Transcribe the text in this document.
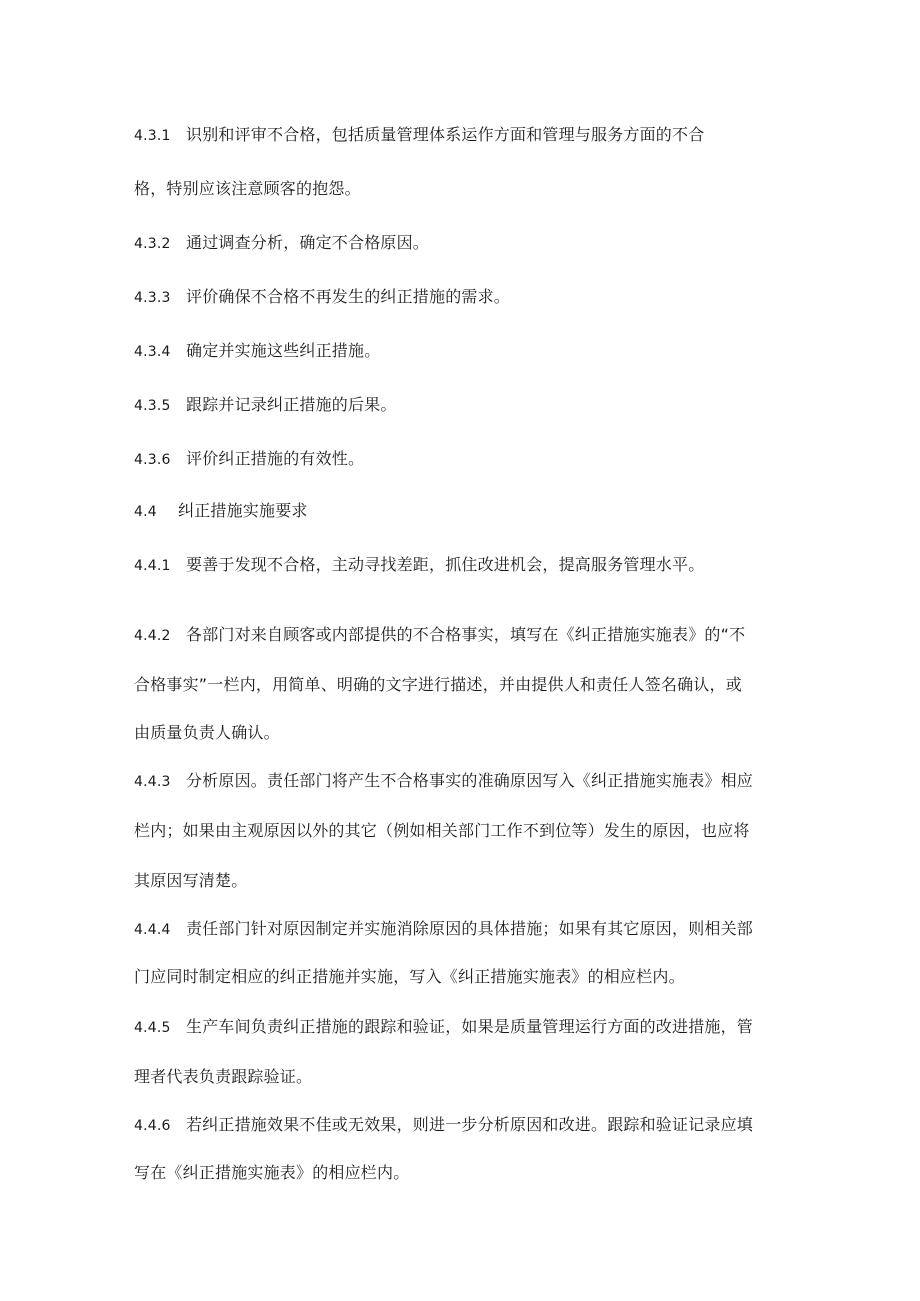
4.3.1 识别和评审不合格，包括质量管理体系运作方面和管理与服务方面的不合
格，特别应该注意顾客的抱怨。
4.3.2 通过调查分析，确定不合格原因。
4.3.3 评价确保不合格不再发生的纠正措施的需求。
4.3.4 确定并实施这些纠正措施。
4.3.5 跟踪并记录纠正措施的后果。
4.3.6 评价纠正措施的有效性。
4.4 纠正措施实施要求
4.4.1 要善于发现不合格，主动寻找差距，抓住改进机会，提高服务管理水平。
4.4.2 各部门对来自顾客或内部提供的不合格事实，填写在《纠正措施实施表》的“不
合格事实”一栏内，用简单、明确的文字进行描述，并由提供人和责任人签名确认，或
由质量负责人确认。
4.4.3 分析原因。责任部门将产生不合格事实的准确原因写入《纠正措施实施表》相应
栏内；如果由主观原因以外的其它（例如相关部门工作不到位等）发生的原因，也应将
其原因写清楚。
4.4.4 责任部门针对原因制定并实施消除原因的具体措施；如果有其它原因，则相关部
门应同时制定相应的纠正措施并实施，写入《纠正措施实施表》的相应栏内。
4.4.5 生产车间负责纠正措施的跟踪和验证，如果是质量管理运行方面的改进措施，管
理者代表负责跟踪验证。
4.4.6 若纠正措施效果不佳或无效果，则进一步分析原因和改进。跟踪和验证记录应填
写在《纠正措施实施表》的相应栏内。
